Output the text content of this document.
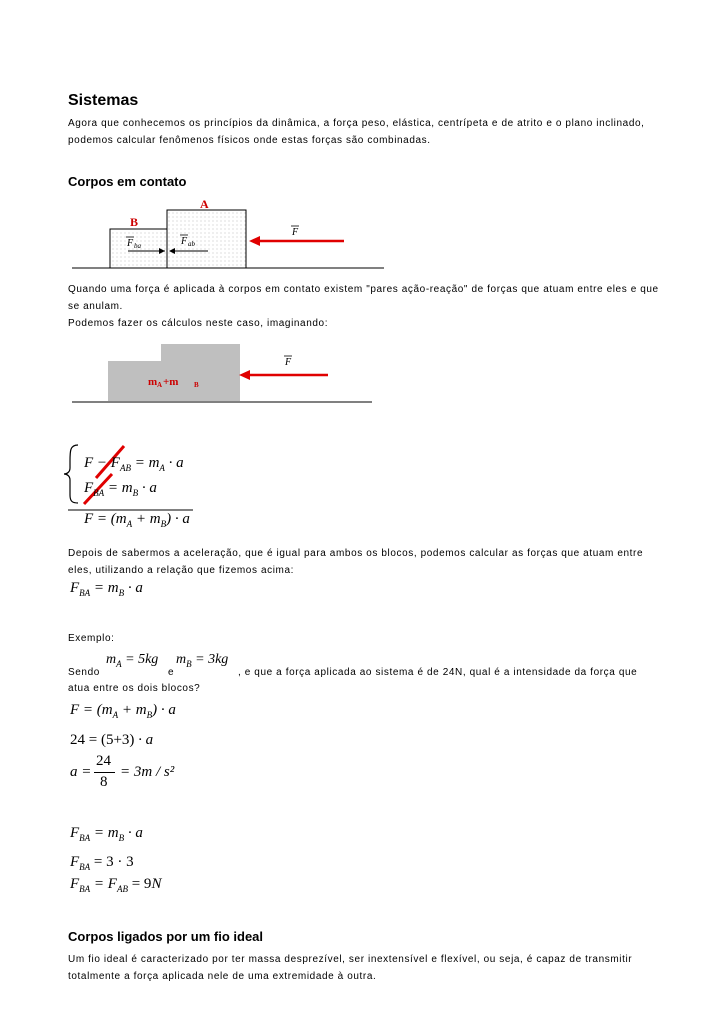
Sistemas
Agora que conhecemos os princípios da dinâmica, a força peso, elástica, centrípeta e de atrito e o plano inclinado, podemos calcular fenômenos físicos onde estas forças são combinadas.
Corpos em contato
B
A
F ba	F ab
F
Quando uma força é aplicada à corpos em contato existem "pares ação-reação" de forças que atuam entre eles e que se anulam.
Podemos fazer os cálculos neste caso, imaginando:
m A +m B
F
$F - F_{AB} = m_A \cdot a$
$F_{BA} = m_B \cdot a$
$F = (m_A + m_B) \cdot a$
Depois de sabermos a aceleração, que é igual para ambos os blocos, podemos calcular as forças que atuam entre eles, utilizando a relação que fizemos acima:
$F_{BA} = m_B \cdot a$
Exemplo:
Sendo
$m_A = 5kg$
e
$m_B = 3kg$
, e que a força aplicada ao sistema é de 24N, qual é a intensidade da força que
atua entre os dois blocos?
$F = (m_A + m_B) \cdot a$
24 = (5+3) · a
a =
24
8
= 3m / s²
$F_{BA} = m_B \cdot a$
$F_{BA} = 3 \cdot 3$
$F_{BA} = F_{AB} = 9N$
Corpos ligados por um fio ideal
Um fio ideal é caracterizado por ter massa desprezível, ser inextensível e flexível, ou seja, é capaz de transmitir totalmente a força aplicada nele de uma extremidade à outra.
